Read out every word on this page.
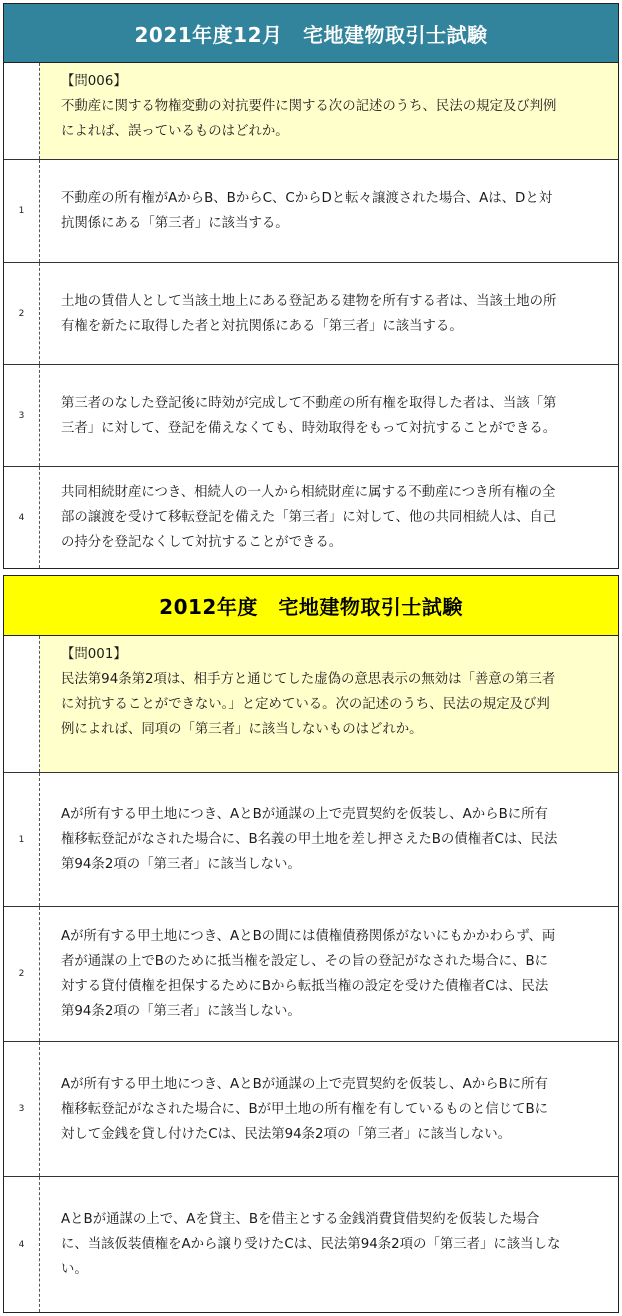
2021年度12月　宅地建物取引士試験
【問006】
不動産に関する物権変動の対抗要件に関する次の記述のうち、民法の規定及び判例
によれば、誤っているものはどれか。
1
不動産の所有権がAからB、BからC、CからDと転々譲渡された場合、Aは、Dと対
抗関係にある「第三者」に該当する。
2
土地の賃借人として当該土地上にある登記ある建物を所有する者は、当該土地の所
有権を新たに取得した者と対抗関係にある「第三者」に該当する。
3
第三者のなした登記後に時効が完成して不動産の所有権を取得した者は、当該「第
三者」に対して、登記を備えなくても、時効取得をもって対抗することができる。
4
共同相続財産につき、相続人の一人から相続財産に属する不動産につき所有権の全
部の譲渡を受けて移転登記を備えた「第三者」に対して、他の共同相続人は、自己
の持分を登記なくして対抗することができる。
2012年度　宅地建物取引士試験
【問001】
民法第94条第2項は、相手方と通じてした虚偽の意思表示の無効は「善意の第三者
に対抗することができない。」と定めている。次の記述のうち、民法の規定及び判
例によれば、同項の「第三者」に該当しないものはどれか。
1
Aが所有する甲土地につき、AとBが通謀の上で売買契約を仮装し、AからBに所有
権移転登記がなされた場合に、B名義の甲土地を差し押さえたBの債権者Cは、民法
第94条2項の「第三者」に該当しない。
2
Aが所有する甲土地につき、AとBの間には債権債務関係がないにもかかわらず、両
者が通謀の上でBのために抵当権を設定し、その旨の登記がなされた場合に、Bに
対する貸付債権を担保するためにBから転抵当権の設定を受けた債権者Cは、民法
第94条2項の「第三者」に該当しない。
3
Aが所有する甲土地につき、AとBが通謀の上で売買契約を仮装し、AからBに所有
権移転登記がなされた場合に、Bが甲土地の所有権を有しているものと信じてBに
対して金銭を貸し付けたCは、民法第94条2項の「第三者」に該当しない。
4
AとBが通謀の上で、Aを貸主、Bを借主とする金銭消費貸借契約を仮装した場合
に、当該仮装債権をAから譲り受けたCは、民法第94条2項の「第三者」に該当しな
い。
